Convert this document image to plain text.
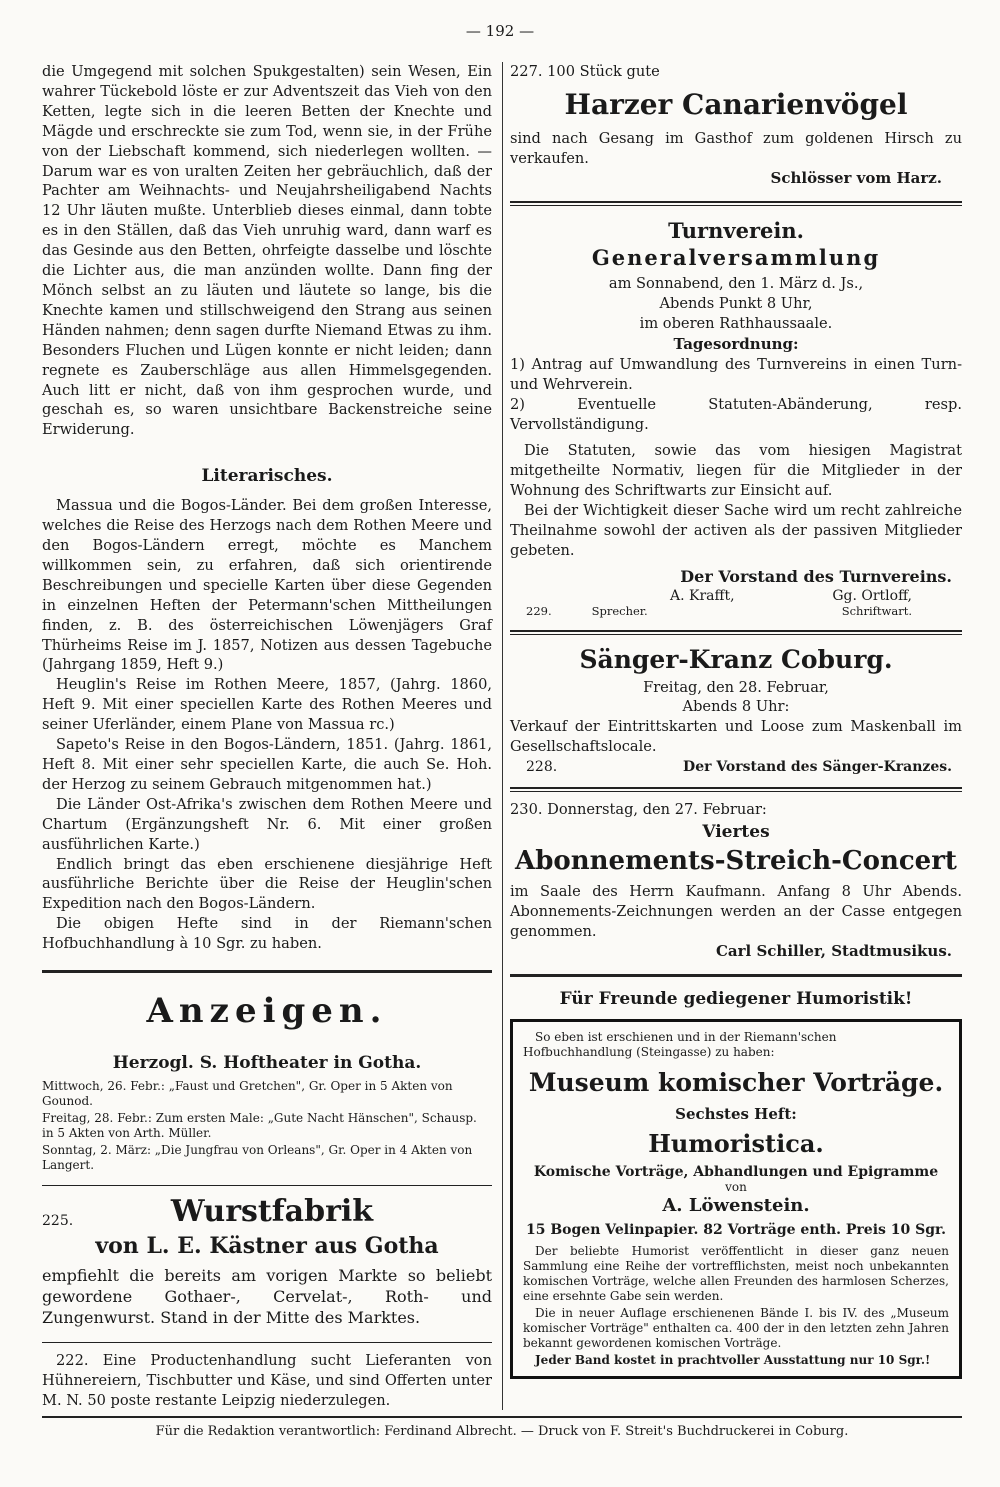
— 192 —

die Umgegend mit solchen Spukgestalten) sein Wesen, Ein wahrer Tückebold löste er zur Adventszeit das Vieh von den Ketten, legte sich in die leeren Betten der Knechte und Mägde und erschreckte sie zum Tod, wenn sie, in der Frühe von der Liebschaft kommend, sich niederlegen wollten. — Darum war es von uralten Zeiten her gebräuchlich, daß der Pachter am Weihnachts- und Neujahrsheiligabend Nachts 12 Uhr läuten mußte. Unterblieb dieses einmal, dann tobte es in den Ställen, daß das Vieh unruhig ward, dann warf es das Gesinde aus den Betten, ohrfeigte dasselbe und löschte die Lichter aus, die man anzünden wollte. Dann fing der Mönch selbst an zu läuten und läutete so lange, bis die Knechte kamen und stillschweigend den Strang aus seinen Händen nahmen; denn sagen durfte Niemand Etwas zu ihm. Besonders Fluchen und Lügen konnte er nicht leiden; dann regnete es Zauberschläge aus allen Himmelsgegenden. Auch litt er nicht, daß von ihm gesprochen wurde, und geschah es, so waren unsichtbare Backenstreiche seine Erwiderung.

Literarisches.

Massua und die Bogos-Länder. Bei dem großen Interesse, welches die Reise des Herzogs nach dem Rothen Meere und den Bogos-Ländern erregt, möchte es Manchem willkommen sein, zu erfahren, daß sich orientirende Beschreibungen und specielle Karten über diese Gegenden in einzelnen Heften der Petermann'schen Mittheilungen finden, z. B. des österreichischen Löwenjägers Graf Thürheims Reise im J. 1857, Notizen aus dessen Tagebuche (Jahrgang 1859, Heft 9.)

Heuglin's Reise im Rothen Meere, 1857, (Jahrg. 1860, Heft 9. Mit einer speciellen Karte des Rothen Meeres und seiner Uferländer, einem Plane von Massua rc.)

Sapeto's Reise in den Bogos-Ländern, 1851. (Jahrg. 1861, Heft 8. Mit einer sehr speciellen Karte, die auch Se. Hoh. der Herzog zu seinem Gebrauch mitgenommen hat.)

Die Länder Ost-Afrika's zwischen dem Rothen Meere und Chartum (Ergänzungsheft Nr. 6. Mit einer großen ausführlichen Karte.)

Endlich bringt das eben erschienene diesjährige Heft ausführliche Berichte über die Reise der Heuglin'schen Expedition nach den Bogos-Ländern.

Die obigen Hefte sind in der Riemann'schen Hofbuchhandlung à 10 Sgr. zu haben.

Anzeigen.

Herzogl. S. Hoftheater in Gotha.

Mittwoch, 26. Febr.: „Faust und Gretchen", Gr. Oper in 5 Akten von Gounod.

Freitag, 28. Febr.: Zum ersten Male: „Gute Nacht Hänschen", Schausp. in 5 Akten von Arth. Müller.

Sonntag, 2. März: „Die Jungfrau von Orleans", Gr. Oper in 4 Akten von Langert.

225.	Wurstfabrik

von L. E. Kästner aus Gotha

empfiehlt die bereits am vorigen Markte so beliebt gewordene Gothaer-, Cervelat-, Roth- und Zungenwurst. Stand in der Mitte des Marktes.

222. Eine Productenhandlung sucht Lieferanten von Hühnereiern, Tischbutter und Käse, und sind Offerten unter M. N. 50 poste restante Leipzig niederzulegen.

227. 100 Stück gute

Harzer Canarienvögel

sind nach Gesang im Gasthof zum goldenen Hirsch zu verkaufen.

Schlösser vom Harz.

Turnverein.

Generalversammlung

am Sonnabend, den 1. März d. Js.,

Abends Punkt 8 Uhr,

im oberen Rathhaussaale.

Tagesordnung:

1) Antrag auf Umwandlung des Turnvereins in einen Turn- und Wehrverein.

2) Eventuelle Statuten-Abänderung, resp. Vervollständigung.

Die Statuten, sowie das vom hiesigen Magistrat mitgetheilte Normativ, liegen für die Mitglieder in der Wohnung des Schriftwarts zur Einsicht auf.

Bei der Wichtigkeit dieser Sache wird um recht zahlreiche Theilnahme sowohl der activen als der passiven Mitglieder gebeten.

Der Vorstand des Turnvereins.

A. Krafft,	Gg. Ortloff,
229.	Sprecher.	Schriftwart.

Sänger-Kranz Coburg.

Freitag, den 28. Februar,

Abends 8 Uhr:

Verkauf der Eintrittskarten und Loose zum Maskenball im Gesellschaftslocale.

228.	Der Vorstand des Sänger-Kranzes.

230. Donnerstag, den 27. Februar:

Viertes

Abonnements-Streich-Concert

im Saale des Herrn Kaufmann. Anfang 8 Uhr Abends. Abonnements-Zeichnungen werden an der Casse entgegen genommen.

Carl Schiller, Stadtmusikus.

Für Freunde gediegener Humoristik!

So eben ist erschienen und in der Riemann'schen Hofbuchhandlung (Steingasse) zu haben:

Museum komischer Vorträge.

Sechstes Heft:

Humoristica.

Komische Vorträge, Abhandlungen und Epigramme

von

A. Löwenstein.

15 Bogen Velinpapier. 82 Vorträge enth. Preis 10 Sgr.

Der beliebte Humorist veröffentlicht in dieser ganz neuen Sammlung eine Reihe der vortrefflichsten, meist noch unbekannten komischen Vorträge, welche allen Freunden des harmlosen Scherzes, eine ersehnte Gabe sein werden.

Die in neuer Auflage erschienenen Bände I. bis IV. des „Museum komischer Vorträge" enthalten ca. 400 der in den letzten zehn Jahren bekannt gewordenen komischen Vorträge.

Jeder Band kostet in prachtvoller Ausstattung nur 10 Sgr.!

Für die Redaktion verantwortlich: Ferdinand Albrecht. — Druck von F. Streit's Buchdruckerei in Coburg.
